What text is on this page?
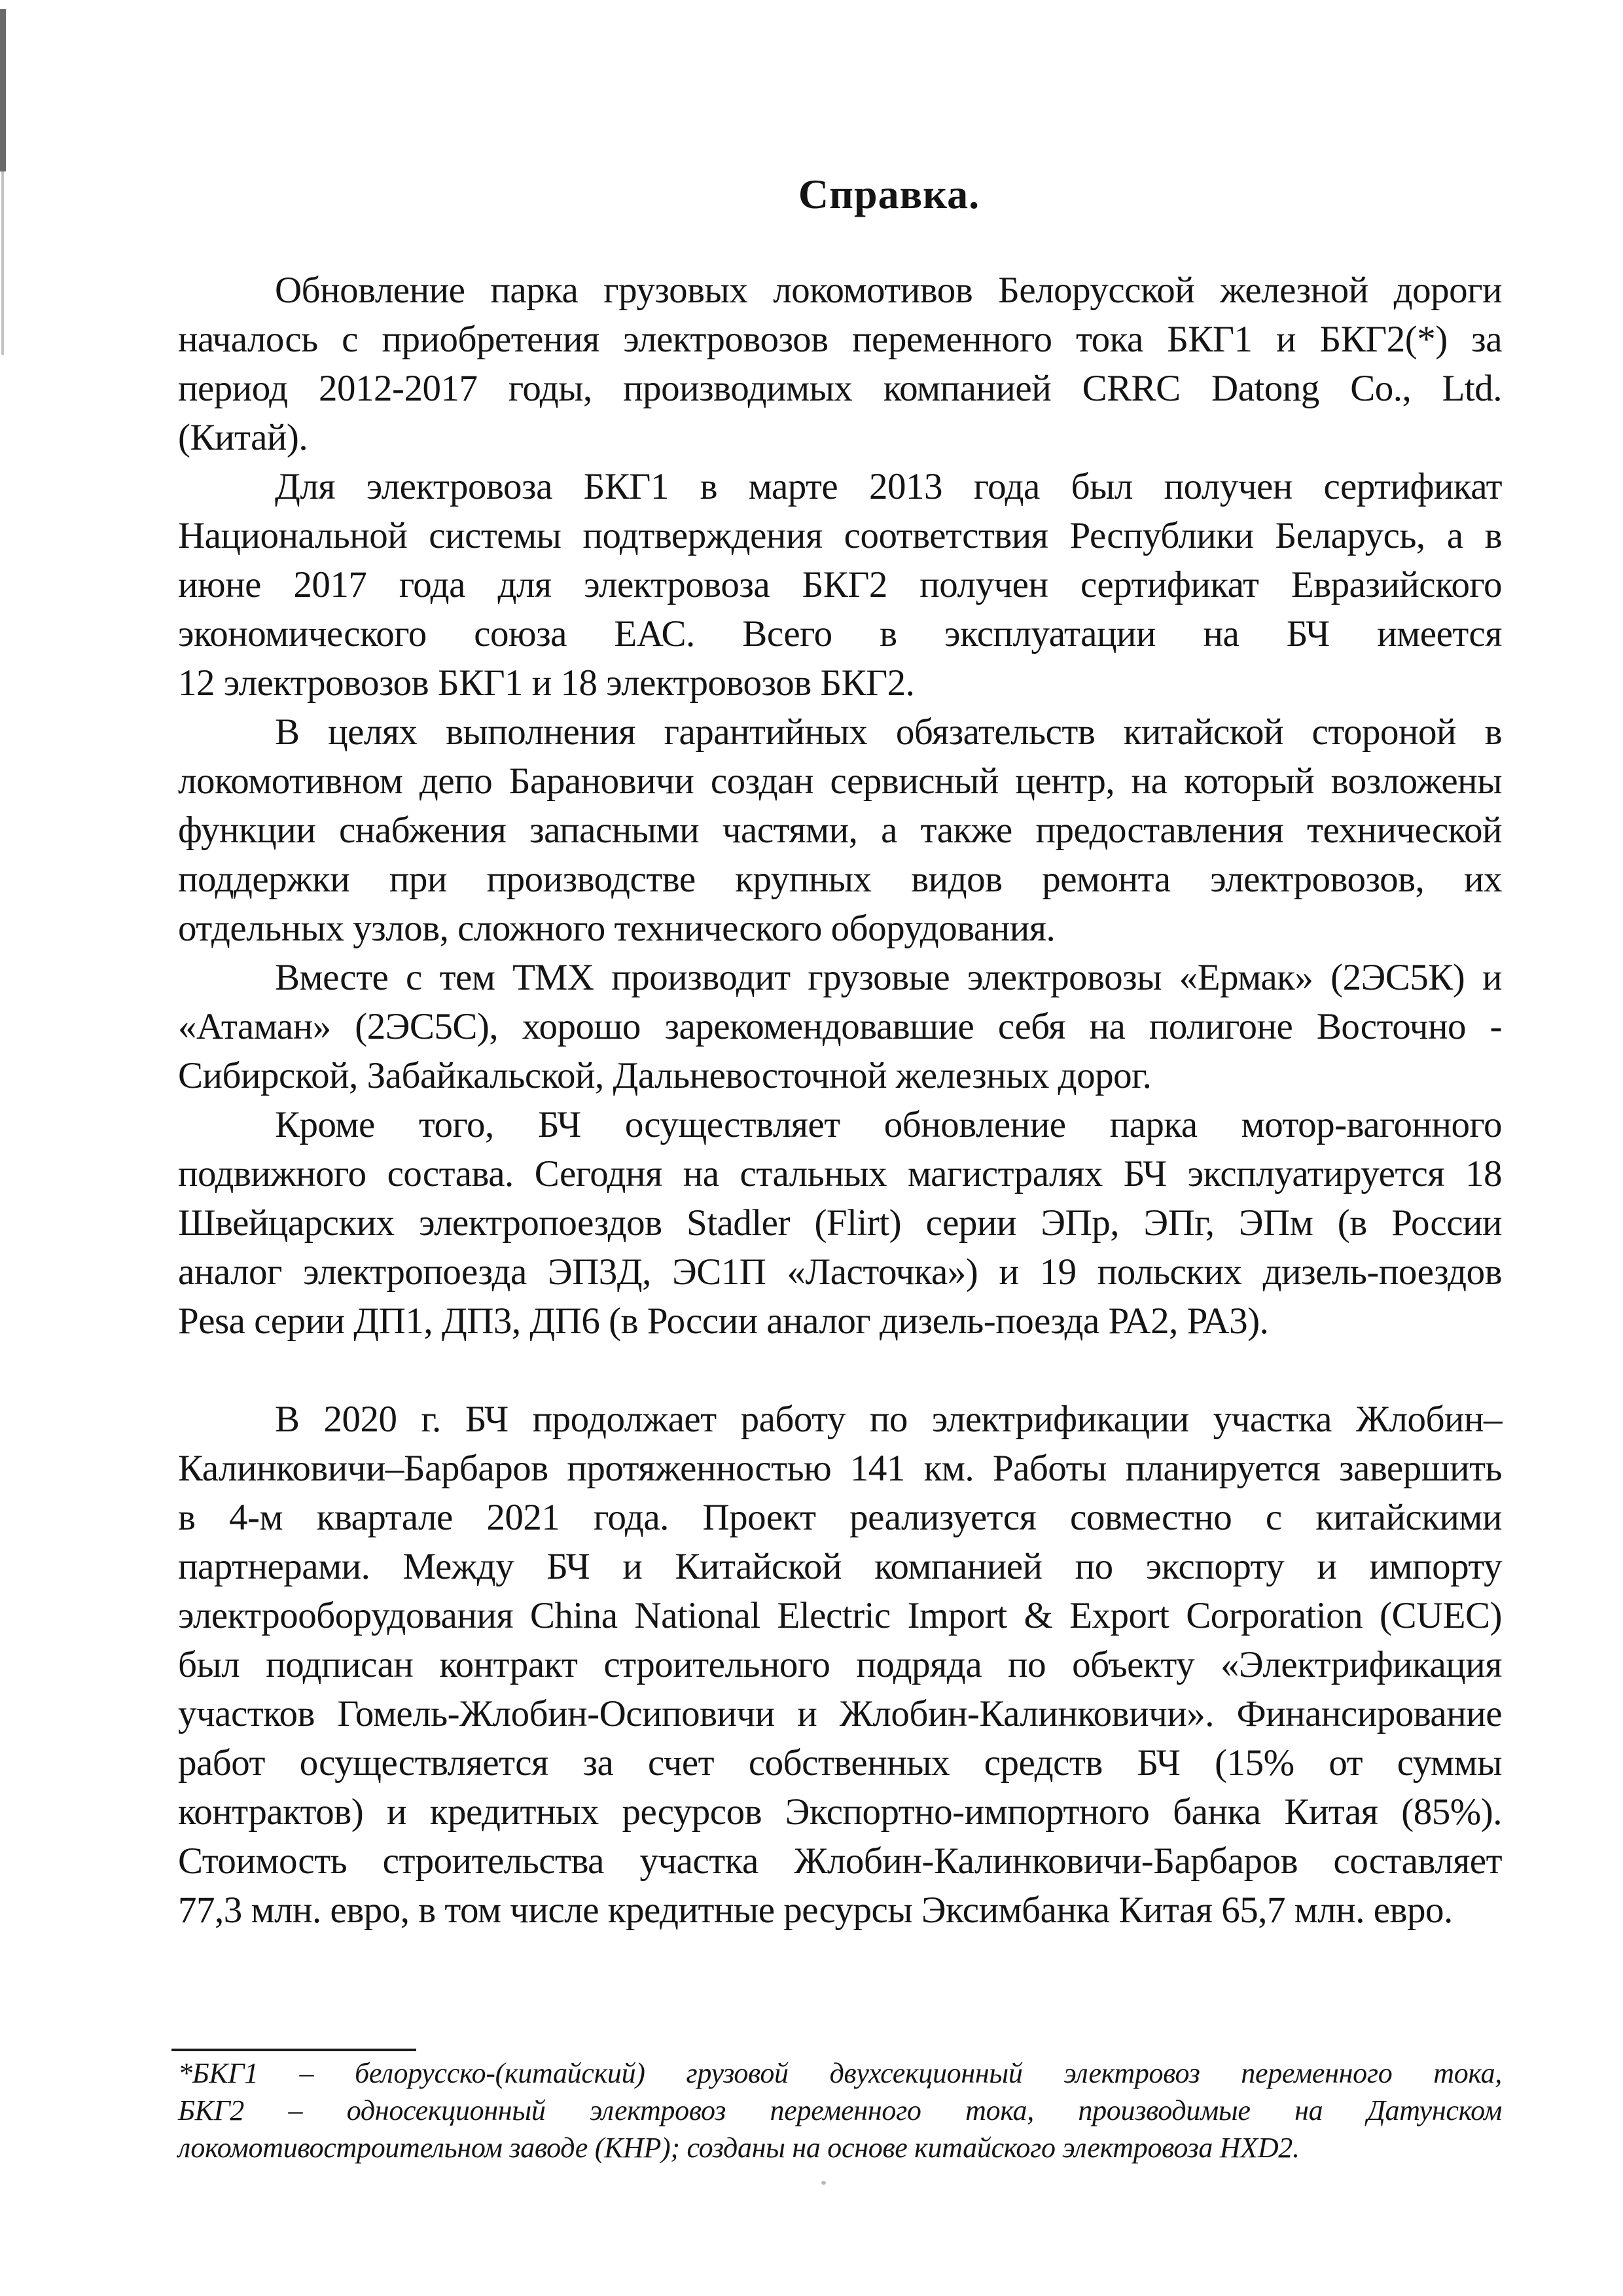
Справка.
Обновление парка грузовых локомотивов Белорусской железной дороги
началось с приобретения электровозов переменного тока БКГ1 и БКГ2(*) за
период 2012-2017 годы, производимых компанией CRRC Datong Co., Ltd.
(Китай).
Для электровоза БКГ1 в марте 2013 года был получен сертификат
Национальной системы подтверждения соответствия Республики Беларусь, а в
июне 2017 года для электровоза БКГ2 получен сертификат Евразийского
экономического союза ЕАС. Всего в эксплуатации на БЧ имеется
12 электровозов БКГ1 и 18 электровозов БКГ2.
В целях выполнения гарантийных обязательств китайской стороной в
локомотивном депо Барановичи создан сервисный центр, на который возложены
функции снабжения запасными частями, а также предоставления технической
поддержки при производстве крупных видов ремонта электровозов, их
отдельных узлов, сложного технического оборудования.
Вместе с тем ТМХ производит грузовые электровозы «Ермак» (2ЭС5К) и
«Атаман» (2ЭС5С), хорошо зарекомендовавшие себя на полигоне Восточно -
Сибирской, Забайкальской, Дальневосточной железных дорог.
Кроме того, БЧ осуществляет обновление парка мотор-вагонного
подвижного состава. Сегодня на стальных магистралях БЧ эксплуатируется 18
Швейцарских электропоездов Stadler (Flirt) серии ЭПр, ЭПг, ЭПм (в России
аналог электропоезда ЭП3Д, ЭС1П «Ласточка») и 19 польских дизель-поездов
Pesa серии ДП1, ДП3, ДП6 (в России аналог дизель-поезда РА2, РА3).
В 2020 г. БЧ продолжает работу по электрификации участка Жлобин–
Калинковичи–Барбаров протяженностью 141 км. Работы планируется завершить
в 4-м квартале 2021 года. Проект реализуется совместно с китайскими
партнерами. Между БЧ и Китайской компанией по экспорту и импорту
электрооборудования China National Electric Import & Export Corporation (CUEC)
был подписан контракт строительного подряда по объекту «Электрификация
участков Гомель-Жлобин-Осиповичи и Жлобин-Калинковичи». Финансирование
работ осуществляется за счет собственных средств БЧ (15% от суммы
контрактов) и кредитных ресурсов Экспортно-импортного банка Китая (85%).
Стоимость строительства участка Жлобин-Калинковичи-Барбаров составляет
77,3 млн. евро, в том числе кредитные ресурсы Эксимбанка Китая 65,7 млн. евро.
*БКГ1 – белорусско-(китайский) грузовой двухсекционный электровоз переменного тока,
БКГ2 – односекционный электровоз переменного тока, производимые на Датунском
локомотивостроительном заводе (КНР); созданы на основе китайского электровоза HXD2.
